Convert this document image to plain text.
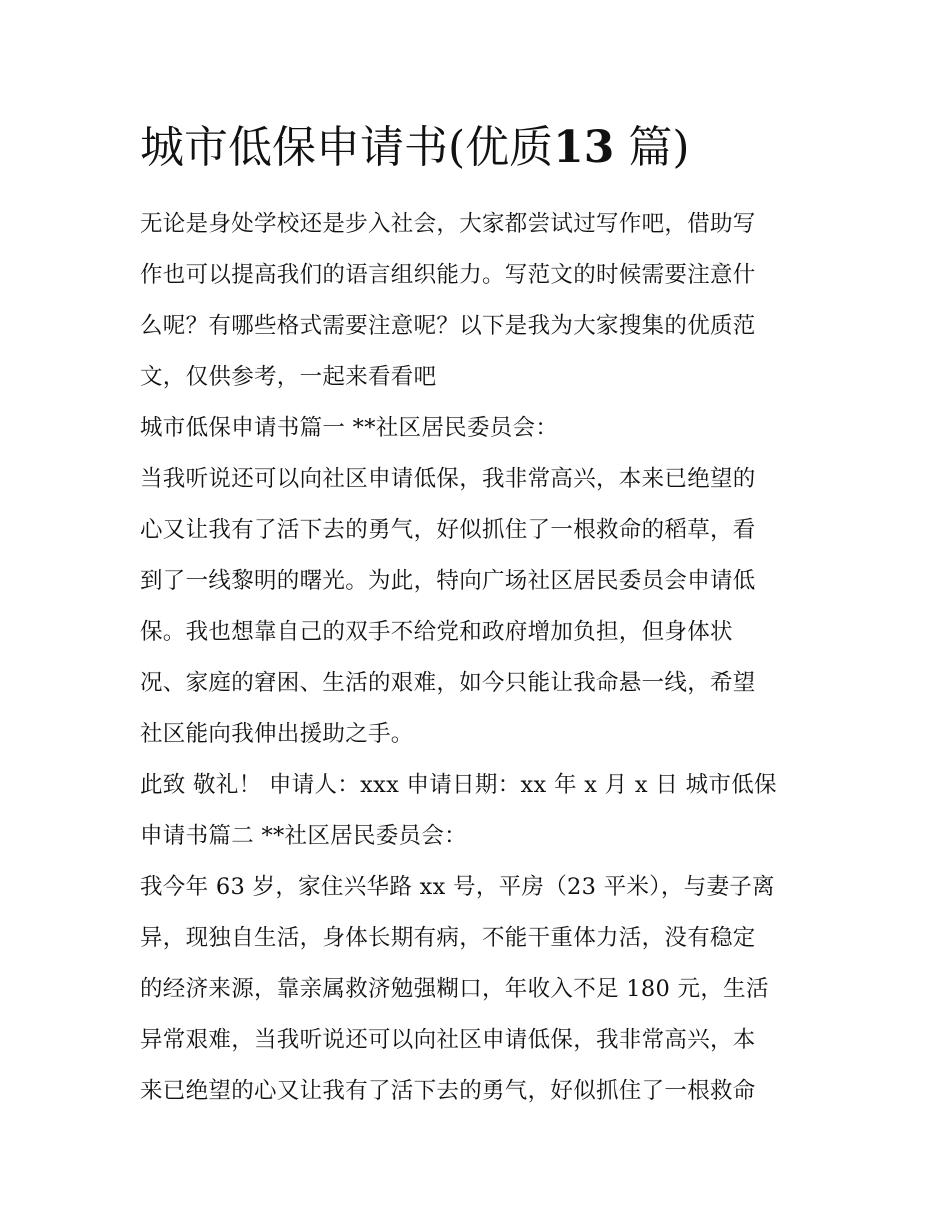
城市低保申请书(优质13 篇)

无论是身处学校还是步入社会，大家都尝试过写作吧，借助写
作也可以提高我们的语言组织能力。写范文的时候需要注意什
么呢？有哪些格式需要注意呢？以下是我为大家搜集的优质范
文，仅供参考，一起来看看吧

城市低保申请书篇一 **社区居民委员会：

当我听说还可以向社区申请低保，我非常高兴，本来已绝望的
心又让我有了活下去的勇气，好似抓住了一根救命的稻草，看
到了一线黎明的曙光。为此，特向广场社区居民委员会申请低
保。我也想靠自己的双手不给党和政府增加负担，但身体状
况、家庭的窘困、生活的艰难，如今只能让我命悬一线，希望
社区能向我伸出援助之手。

此致 敬礼！ 申请人：xxx 申请日期：xx 年 x 月 x 日 城市低保
申请书篇二 **社区居民委员会：

我今年 63 岁，家住兴华路 xx 号，平房（23 平米），与妻子离
异，现独自生活，身体长期有病，不能干重体力活，没有稳定
的经济来源，靠亲属救济勉强糊口，年收入不足 180 元，生活
异常艰难，当我听说还可以向社区申请低保，我非常高兴，本
来已绝望的心又让我有了活下去的勇气，好似抓住了一根救命
